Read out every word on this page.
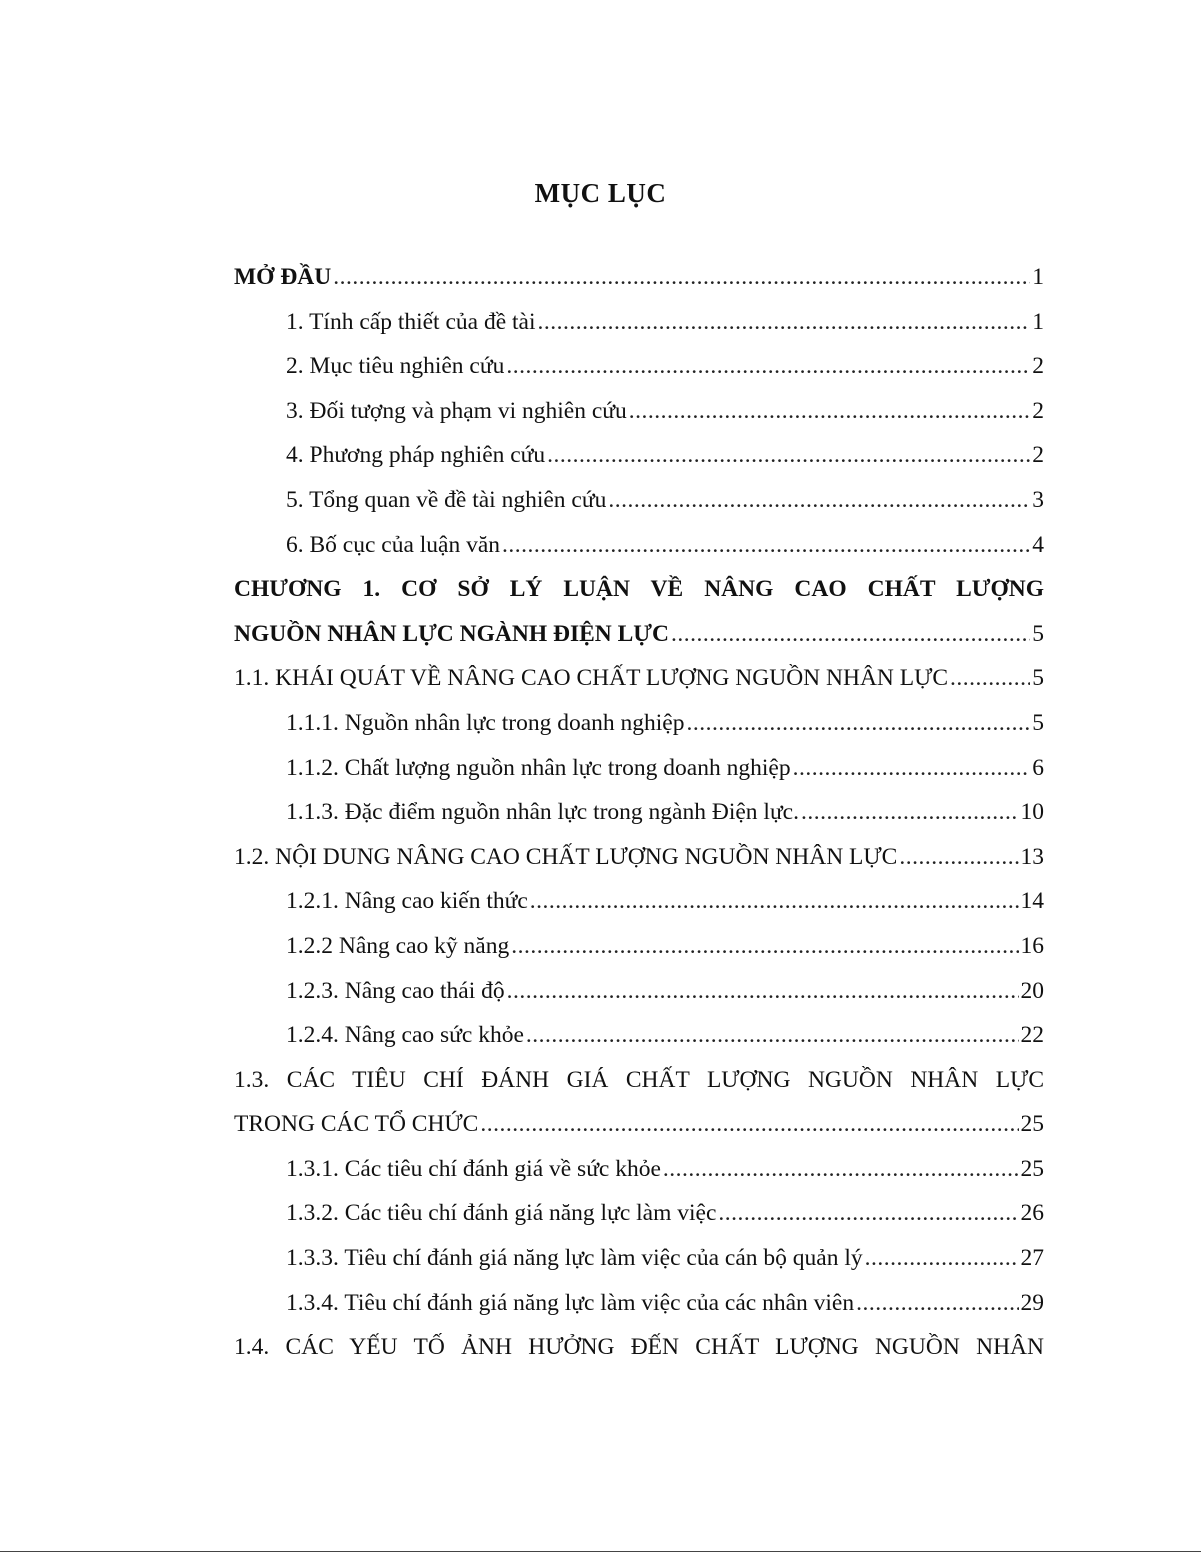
MỤC LỤC
MỞ ĐẦU .....	1
1. Tính cấp thiết của đề tài .....	1
2. Mục tiêu nghiên cứu .....	2
3. Đối tượng và phạm vi nghiên cứu .....	2
4. Phương pháp nghiên cứu .....	2
5. Tổng quan về đề tài nghiên cứu .....	3
6. Bố cục của luận văn .....	4
CHƯƠNG 1. CƠ SỞ LÝ LUẬN VỀ NÂNG CAO CHẤT LƯỢNG
NGUỒN NHÂN LỰC NGÀNH ĐIỆN LỰC .....	5
1.1. KHÁI QUÁT VỀ NÂNG CAO CHẤT LƯỢNG NGUỒN NHÂN LỰC .....	5
1.1.1. Nguồn nhân lực trong doanh nghiệp .....	5
1.1.2. Chất lượng nguồn nhân lực trong doanh nghiệp .....	6
1.1.3. Đặc điểm nguồn nhân lực trong ngành Điện lực. .....	10
1.2. NỘI DUNG NÂNG CAO CHẤT LƯỢNG NGUỒN NHÂN LỰC .....	13
1.2.1. Nâng cao kiến thức .....	14
1.2.2 Nâng cao kỹ năng .....	16
1.2.3. Nâng cao thái độ .....	20
1.2.4. Nâng cao sức khỏe .....	22
1.3. CÁC TIÊU CHÍ ĐÁNH GIÁ CHẤT LƯỢNG NGUỒN NHÂN LỰC
TRONG CÁC TỔ CHỨC .....	25
1.3.1. Các tiêu chí đánh giá về sức khỏe .....	25
1.3.2. Các tiêu chí đánh giá năng lực làm việc .....	26
1.3.3. Tiêu chí đánh giá năng lực làm việc của cán bộ quản lý .....	27
1.3.4. Tiêu chí đánh giá năng lực làm việc của các nhân viên .....	29
1.4. CÁC YẾU TỐ ẢNH HƯỞNG ĐẾN CHẤT LƯỢNG NGUỒN NHÂN
